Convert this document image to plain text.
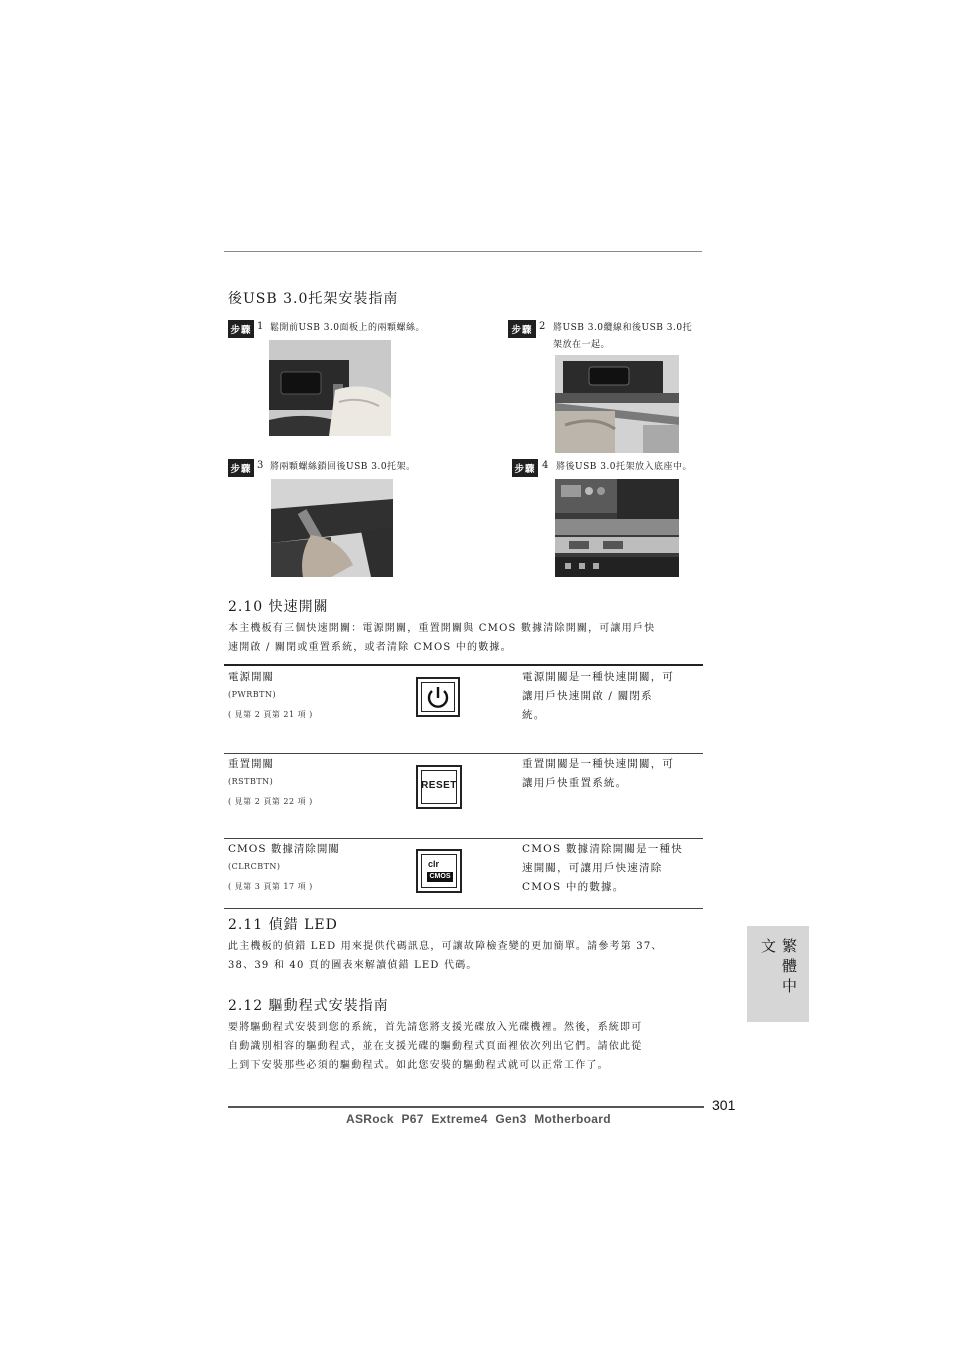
後USB 3.0托架安裝指南
步驟 1 鬆開前USB 3.0面板上的兩顆螺絲。	步驟 2 將USB 3.0纜線和後USB 3.0托
架放在一起。
步驟 3 將兩顆螺絲鎖回後USB 3.0托架。	步驟 4 將後USB 3.0托架放入底座中。
2.10 快速開關
本主機板有三個快速開關：電源開關，重置開關與 CMOS 數據清除開關，可讓用戶快
速開啟 / 關閉或重置系統，或者清除 CMOS 中的數據。
電源開關
(PWRBTN)
( 見第 2 頁第 21 項 )
電源開關是一種快速開關，可
讓用戶快速開啟 / 關閉系
統。
重置開關
(RSTBTN)
( 見第 2 頁第 22 項 )
RESET
重置開關是一種快速開關，可
讓用戶快重置系統。
CMOS 數據清除開關
(CLRCBTN)
( 見第 3 頁第 17 項 )
clr
CMOS
CMOS 數據清除開關是一種快
速開關，可讓用戶快速清除
CMOS 中的數據。
2.11 偵錯 LED
此主機板的偵錯 LED 用來提供代碼訊息，可讓故障檢查變的更加簡單。請參考第 37、
38、39 和 40 頁的圖表來解讀偵錯 LED 代碼。
2.12 驅動程式安裝指南
要將驅動程式安裝到您的系統，首先請您將支援光碟放入光碟機裡。然後，系統即可
自動識別相容的驅動程式，並在支援光碟的驅動程式頁面裡依次列出它們。請依此從
上到下安裝那些必須的驅動程式。如此您安裝的驅動程式就可以正常工作了。
繁體中文
301
ASRock P67 Extreme4 Gen3 Motherboard
